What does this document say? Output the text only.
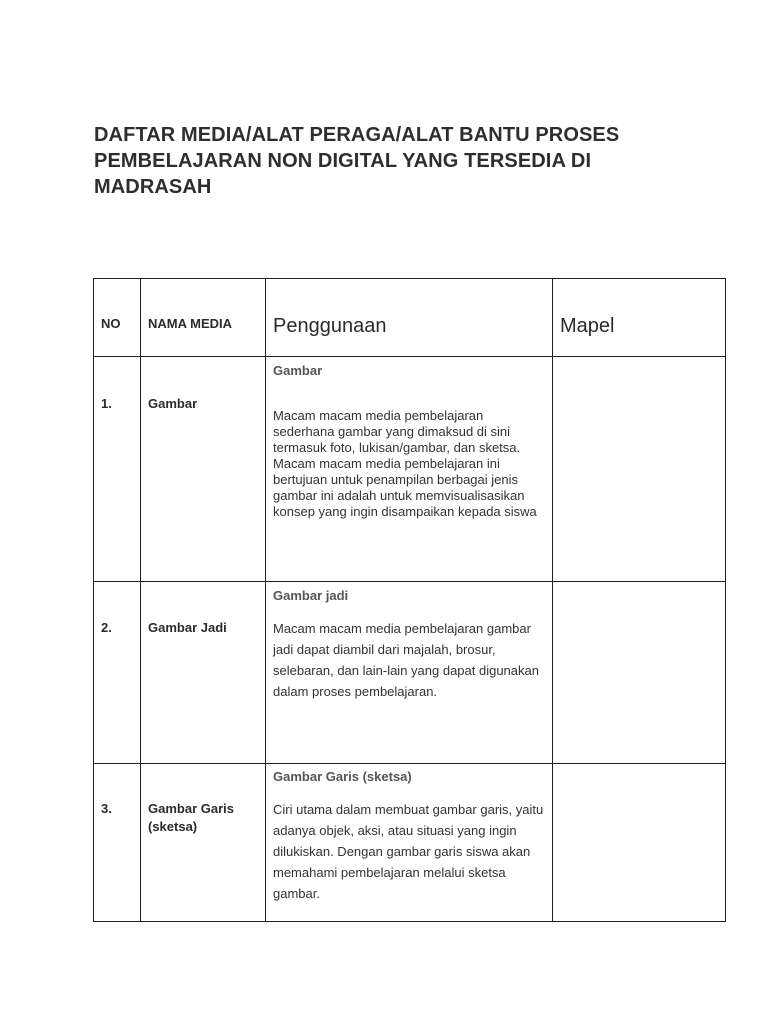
DAFTAR MEDIA/ALAT PERAGA/ALAT BANTU PROSES PEMBELAJARAN NON DIGITAL YANG TERSEDIA DI MADRASAH
NO	NAMA MEDIA	Penggunaan	Mapel

1.	Gambar	Gambar
Macam macam media pembelajaran sederhana gambar yang dimaksud di sini termasuk foto, lukisan/gambar, dan sketsa. Macam macam media pembelajaran ini bertujuan untuk penampilan berbagai jenis gambar ini adalah untuk memvisualisasikan konsep yang ingin disampaikan kepada siswa	

2.	Gambar Jadi	Gambar jadi
Macam macam media pembelajaran gambar jadi dapat diambil dari majalah, brosur, selebaran, dan lain-lain yang dapat digunakan dalam proses pembelajaran.	

3.	Gambar Garis (sketsa)	Gambar Garis (sketsa)
Ciri utama dalam membuat gambar garis, yaitu adanya objek, aksi, atau situasi yang ingin dilukiskan. Dengan gambar garis siswa akan memahami pembelajaran melalui sketsa gambar.	
